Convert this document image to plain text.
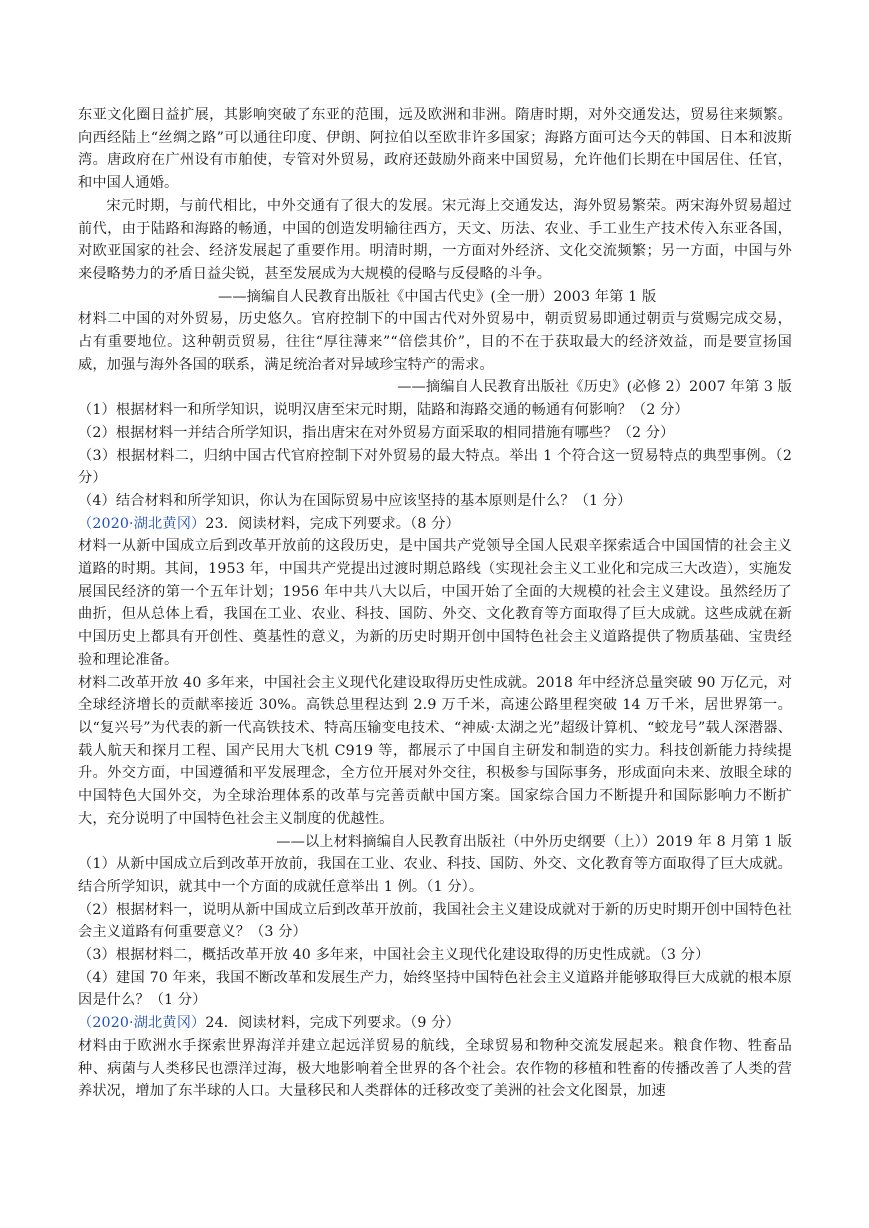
东亚文化圈日益扩展，其影响突破了东亚的范围，远及欧洲和非洲。隋唐时期，对外交通发达，贸易往来频繁。向西经陆上“丝绸之路”可以通往印度、伊朗、阿拉伯以至欧非许多国家；海路方面可达今天的韩国、日本和波斯湾。唐政府在广州设有市舶使，专管对外贸易，政府还鼓励外商来中国贸易，允许他们长期在中国居住、任官，和中国人通婚。

宋元时期，与前代相比，中外交通有了很大的发展。宋元海上交通发达，海外贸易繁荣。两宋海外贸易超过前代，由于陆路和海路的畅通，中国的创造发明输往西方，天文、历法、农业、手工业生产技术传入东亚各国，对欧亚国家的社会、经济发展起了重要作用。明清时期，一方面对外经济、文化交流频繁；另一方面，中国与外来侵略势力的矛盾日益尖锐，甚至发展成为大规模的侵略与反侵略的斗争。

——摘编自人民教育出版社《中国古代史》(全一册）2003 年第 1 版

材料二中国的对外贸易，历史悠久。官府控制下的中国古代对外贸易中，朝贡贸易即通过朝贡与赏赐完成交易，占有重要地位。这种朝贡贸易，往往“厚往薄来”“倍偿其价”，目的不在于获取最大的经济效益，而是要宣扬国威，加强与海外各国的联系，满足统治者对异域珍宝特产的需求。

——摘编自人民教育出版社《历史》(必修 2）2007 年第 3 版

（1）根据材料一和所学知识，说明汉唐至宋元时期，陆路和海路交通的畅通有何影响？（2 分）

（2）根据材料一并结合所学知识，指出唐宋在对外贸易方面采取的相同措施有哪些？（2 分）

（3）根据材料二，归纳中国古代官府控制下对外贸易的最大特点。举出 1 个符合这一贸易特点的典型事例。（2 分）

（4）结合材料和所学知识，你认为在国际贸易中应该坚持的基本原则是什么？（1 分）

（2020·湖北黄冈）23．阅读材料，完成下列要求。（8 分）

材料一从新中国成立后到改革开放前的这段历史，是中国共产党领导全国人民艰辛探索适合中国国情的社会主义道路的时期。其间，1953 年，中国共产党提出过渡时期总路线（实现社会主义工业化和完成三大改造），实施发展国民经济的第一个五年计划；1956 年中共八大以后，中国开始了全面的大规模的社会主义建设。虽然经历了曲折，但从总体上看，我国在工业、农业、科技、国防、外交、文化教育等方面取得了巨大成就。这些成就在新中国历史上都具有开创性、奠基性的意义，为新的历史时期开创中国特色社会主义道路提供了物质基础、宝贵经验和理论准备。

材料二改革开放 40 多年来，中国社会主义现代化建设取得历史性成就。2018 年中经济总量突破 90 万亿元，对全球经济增长的贡献率接近 30%。高铁总里程达到 2.9 万千米，高速公路里程突破 14 万千米，居世界第一。以“复兴号”为代表的新一代高铁技术、特高压输变电技术、“神威·太湖之光”超级计算机、“蛟龙号”载人深潜器、载人航天和探月工程、国产民用大飞机 C919 等，都展示了中国自主研发和制造的实力。科技创新能力持续提升。外交方面，中国遵循和平发展理念，全方位开展对外交往，积极参与国际事务，形成面向未来、放眼全球的中国特色大国外交，为全球治理体系的改革与完善贡献中国方案。国家综合国力不断提升和国际影响力不断扩大，充分说明了中国特色社会主义制度的优越性。

——以上材料摘编自人民教育出版社（中外历史纲要（上））2019 年 8 月第 1 版

（1）从新中国成立后到改革开放前，我国在工业、农业、科技、国防、外交、文化教育等方面取得了巨大成就。结合所学知识，就其中一个方面的成就任意举出 1 例。（1 分）。

（2）根据材料一，说明从新中国成立后到改革开放前，我国社会主义建设成就对于新的历史时期开创中国特色社会主义道路有何重要意义？（3 分）

（3）根据材料二，概括改革开放 40 多年来，中国社会主义现代化建设取得的历史性成就。（3 分）

（4）建国 70 年来，我国不断改革和发展生产力，始终坚持中国特色社会主义道路并能够取得巨大成就的根本原因是什么？（1 分）

（2020·湖北黄冈）24．阅读材料，完成下列要求。（9 分）

材料由于欧洲水手探索世界海洋并建立起远洋贸易的航线，全球贸易和物种交流发展起来。粮食作物、牲畜品种、病菌与人类移民也漂洋过海，极大地影响着全世界的各个社会。农作物的移植和牲畜的传播改善了人类的营养状况，增加了东半球的人口。大量移民和人类群体的迁移改变了美洲的社会文化图景，加速
